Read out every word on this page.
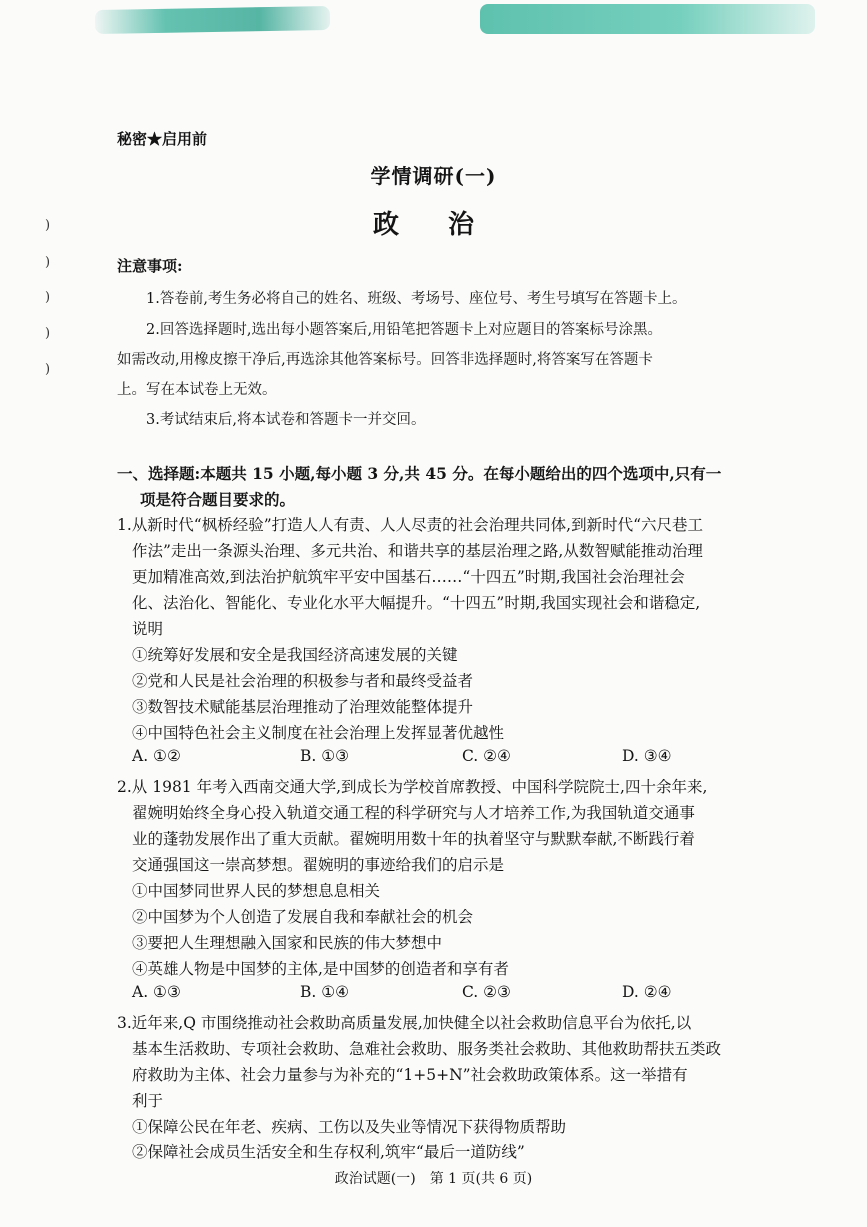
)
)
)
)
)
秘密★启用前
学情调研(一)
政 治
注意事项:
1.答卷前,考生务必将自己的姓名、班级、考场号、座位号、考生号填写在答题卡上。
2.回答选择题时,选出每小题答案后,用铅笔把答题卡上对应题目的答案标号涂黑。
如需改动,用橡皮擦干净后,再选涂其他答案标号。回答非选择题时,将答案写在答题卡
上。写在本试卷上无效。
3.考试结束后,将本试卷和答题卡一并交回。
一、选择题:本题共 15 小题,每小题 3 分,共 45 分。在每小题给出的四个选项中,只有一
项是符合题目要求的。
1.从新时代“枫桥经验”打造人人有责、人人尽责的社会治理共同体,到新时代“六尺巷工
作法”走出一条源头治理、多元共治、和谐共享的基层治理之路,从数智赋能推动治理
更加精准高效,到法治护航筑牢平安中国基石……“十四五”时期,我国社会治理社会
化、法治化、智能化、专业化水平大幅提升。“十四五”时期,我国实现社会和谐稳定,
说明
①统筹好发展和安全是我国经济高速发展的关键
②党和人民是社会治理的积极参与者和最终受益者
③数智技术赋能基层治理推动了治理效能整体提升
④中国特色社会主义制度在社会治理上发挥显著优越性
A. ①②	B. ①③	C. ②④	D. ③④
2.从 1981 年考入西南交通大学,到成长为学校首席教授、中国科学院院士,四十余年来,
翟婉明始终全身心投入轨道交通工程的科学研究与人才培养工作,为我国轨道交通事
业的蓬勃发展作出了重大贡献。翟婉明用数十年的执着坚守与默默奉献,不断践行着
交通强国这一崇高梦想。翟婉明的事迹给我们的启示是
①中国梦同世界人民的梦想息息相关
②中国梦为个人创造了发展自我和奉献社会的机会
③要把人生理想融入国家和民族的伟大梦想中
④英雄人物是中国梦的主体,是中国梦的创造者和享有者
A. ①③	B. ①④	C. ②③	D. ②④
3.近年来,Q 市围绕推动社会救助高质量发展,加快健全以社会救助信息平台为依托,以
基本生活救助、专项社会救助、急难社会救助、服务类社会救助、其他救助帮扶五类政
府救助为主体、社会力量参与为补充的“1+5+N”社会救助政策体系。这一举措有
利于
①保障公民在年老、疾病、工伤以及失业等情况下获得物质帮助
②保障社会成员生活安全和生存权利,筑牢“最后一道防线”
政治试题(一)　第 1 页(共 6 页)
